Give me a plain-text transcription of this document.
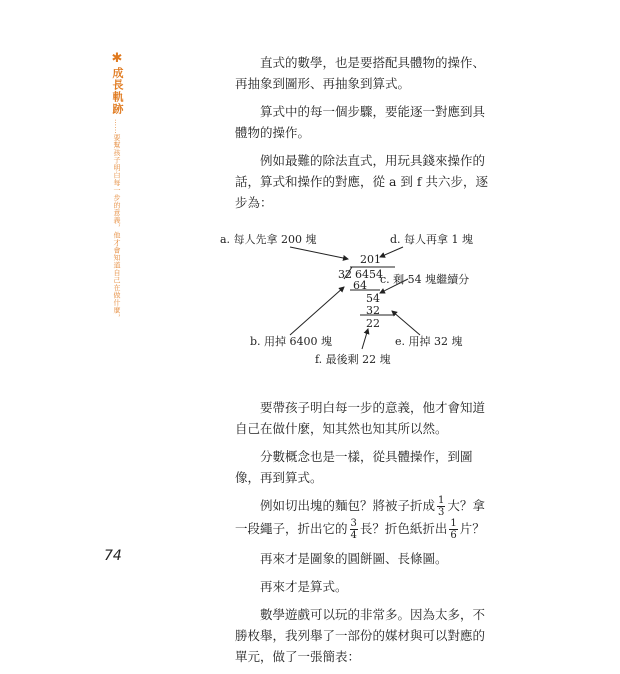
✱
成長軌跡
……要幫孩子明白每一步的意義，他才會知道自己在做什麼，

直式的數學，也是要搭配具體物的操作、再抽象到圖形、再抽象到算式。

算式中的每一個步驟，要能逐一對應到具體物的操作。

例如最難的除法直式，用玩具錢來操作的話，算式和操作的對應，從 a 到 f 共六步，逐步為：

a. 每人先拿 200 塊	d. 每人再拿 1 塊
c. 剩 54 塊繼續分
b. 用掉 6400 塊	e. 用掉 32 塊
f. 最後剩 22 塊
201
32 6454
64
54
32
22

要帶孩子明白每一步的意義，他才會知道自己在做什麼，知其然也知其所以然。

分數概念也是一樣，從具體操作，到圖像，再到算式。

例如切出塊的麵包？將被子折成 $\frac{1}{3}$ 大？拿一段繩子，折出它的 $\frac{3}{4}$ 長？折色紙折出 $\frac{1}{6}$ 片？

再來才是圖象的圓餅圖、長條圖。

再來才是算式。

數學遊戲可以玩的非常多。因為太多，不勝枚舉，我列舉了一部份的媒材與可以對應的單元，做了一張簡表：

74
